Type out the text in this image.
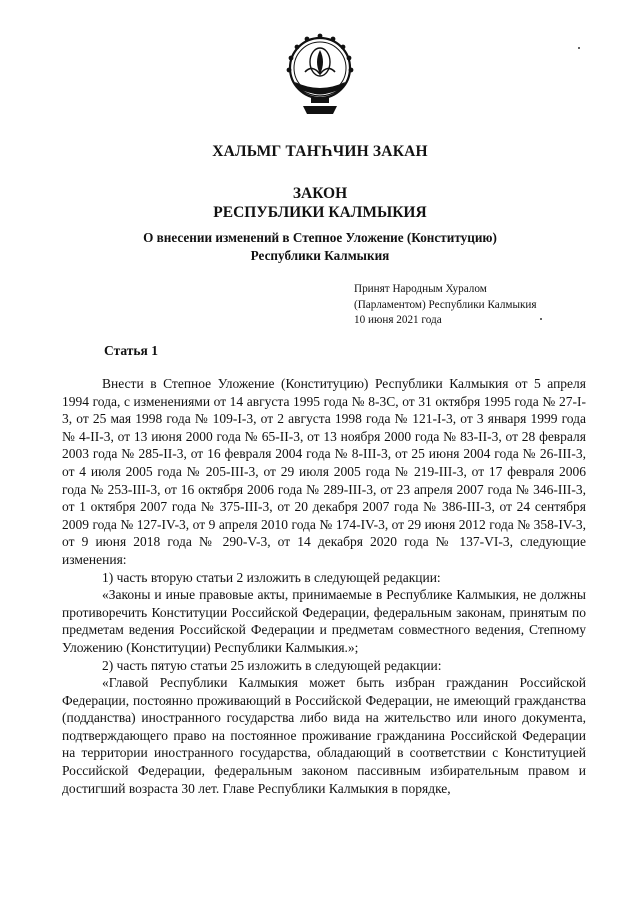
ХАЛЬМГ ТАҤҺЧИН ЗАКАН
ЗАКОН
РЕСПУБЛИКИ КАЛМЫКИЯ
О внесении изменений в Степное Уложение (Конституцию)
Республики Калмыкия
Принят Народным Хуралом
(Парламентом) Республики Калмыкия
10 июня 2021 года
Статья 1

Внести в Степное Уложение (Конституцию) Республики Калмыкия от 5 апреля 1994 года, с изменениями от 14 августа 1995 года № 8-3С, от 31 октября 1995 года № 27-I-3, от 25 мая 1998 года № 109-I-3, от 2 августа 1998 года № 121-I-3, от 3 января 1999 года № 4-II-3, от 13 июня 2000 года № 65-II-3, от 13 ноября 2000 года № 83-II-3, от 28 февраля 2003 года № 285-II-3, от 16 февраля 2004 года № 8-III-3, от 25 июня 2004 года № 26-III-3, от 4 июля 2005 года № 205-III-3, от 29 июля 2005 года № 219-III-3, от 17 февраля 2006 года № 253-III-3, от 16 октября 2006 года № 289-III-3, от 23 апреля 2007 года № 346-III-3, от 1 октября 2007 года № 375-III-3, от 20 декабря 2007 года № 386-III-3, от 24 сентября 2009 года № 127-IV-3, от 9 апреля 2010 года № 174-IV-3, от 29 июня 2012 года № 358-IV-3, от 9 июня 2018 года № 290-V-3, от 14 декабря 2020 года № 137-VI-3, следующие изменения:

1) часть вторую статьи 2 изложить в следующей редакции:

«Законы и иные правовые акты, принимаемые в Республике Калмыкия, не должны противоречить Конституции Российской Федерации, федеральным законам, принятым по предметам ведения Российской Федерации и предметам совместного ведения, Степному Уложению (Конституции) Республики Калмыкия.»;

2) часть пятую статьи 25 изложить в следующей редакции:

«Главой Республики Калмыкия может быть избран гражданин Российской Федерации, постоянно проживающий в Российской Федерации, не имеющий гражданства (подданства) иностранного государства либо вида на жительство или иного документа, подтверждающего право на постоянное проживание гражданина Российской Федерации на территории иностранного государства, обладающий в соответствии с Конституцией Российской Федерации, федеральным законом пассивным избирательным правом и достигший возраста 30 лет. Главе Республики Калмыкия в порядке,
